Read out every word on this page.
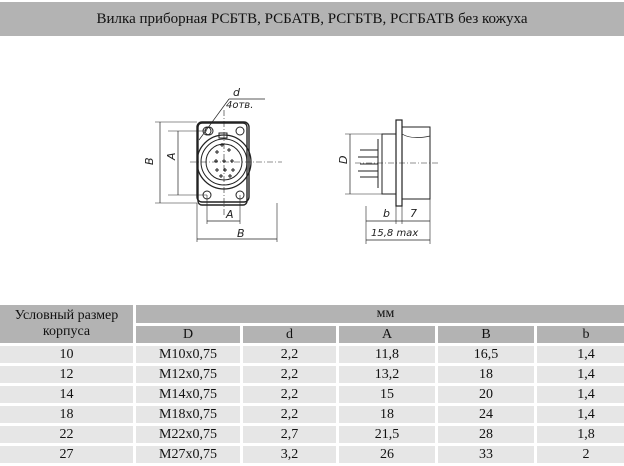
Вилка приборная РСБТВ, РСБАТВ, РСГБТВ, РСГБАТВ без кожуха
d
4отв.
B
A
A
B
D
b 7
15,8 max
Условный размер корпуса	мм				
	D	d	A	B	b
10	M10x0,75	2,2	11,8	16,5	1,4
12	M12x0,75	2,2	13,2	18	1,4
14	M14x0,75	2,2	15	20	1,4
18	M18x0,75	2,2	18	24	1,4
22	M22x0,75	2,7	21,5	28	1,8
27	M27x0,75	3,2	26	33	2
